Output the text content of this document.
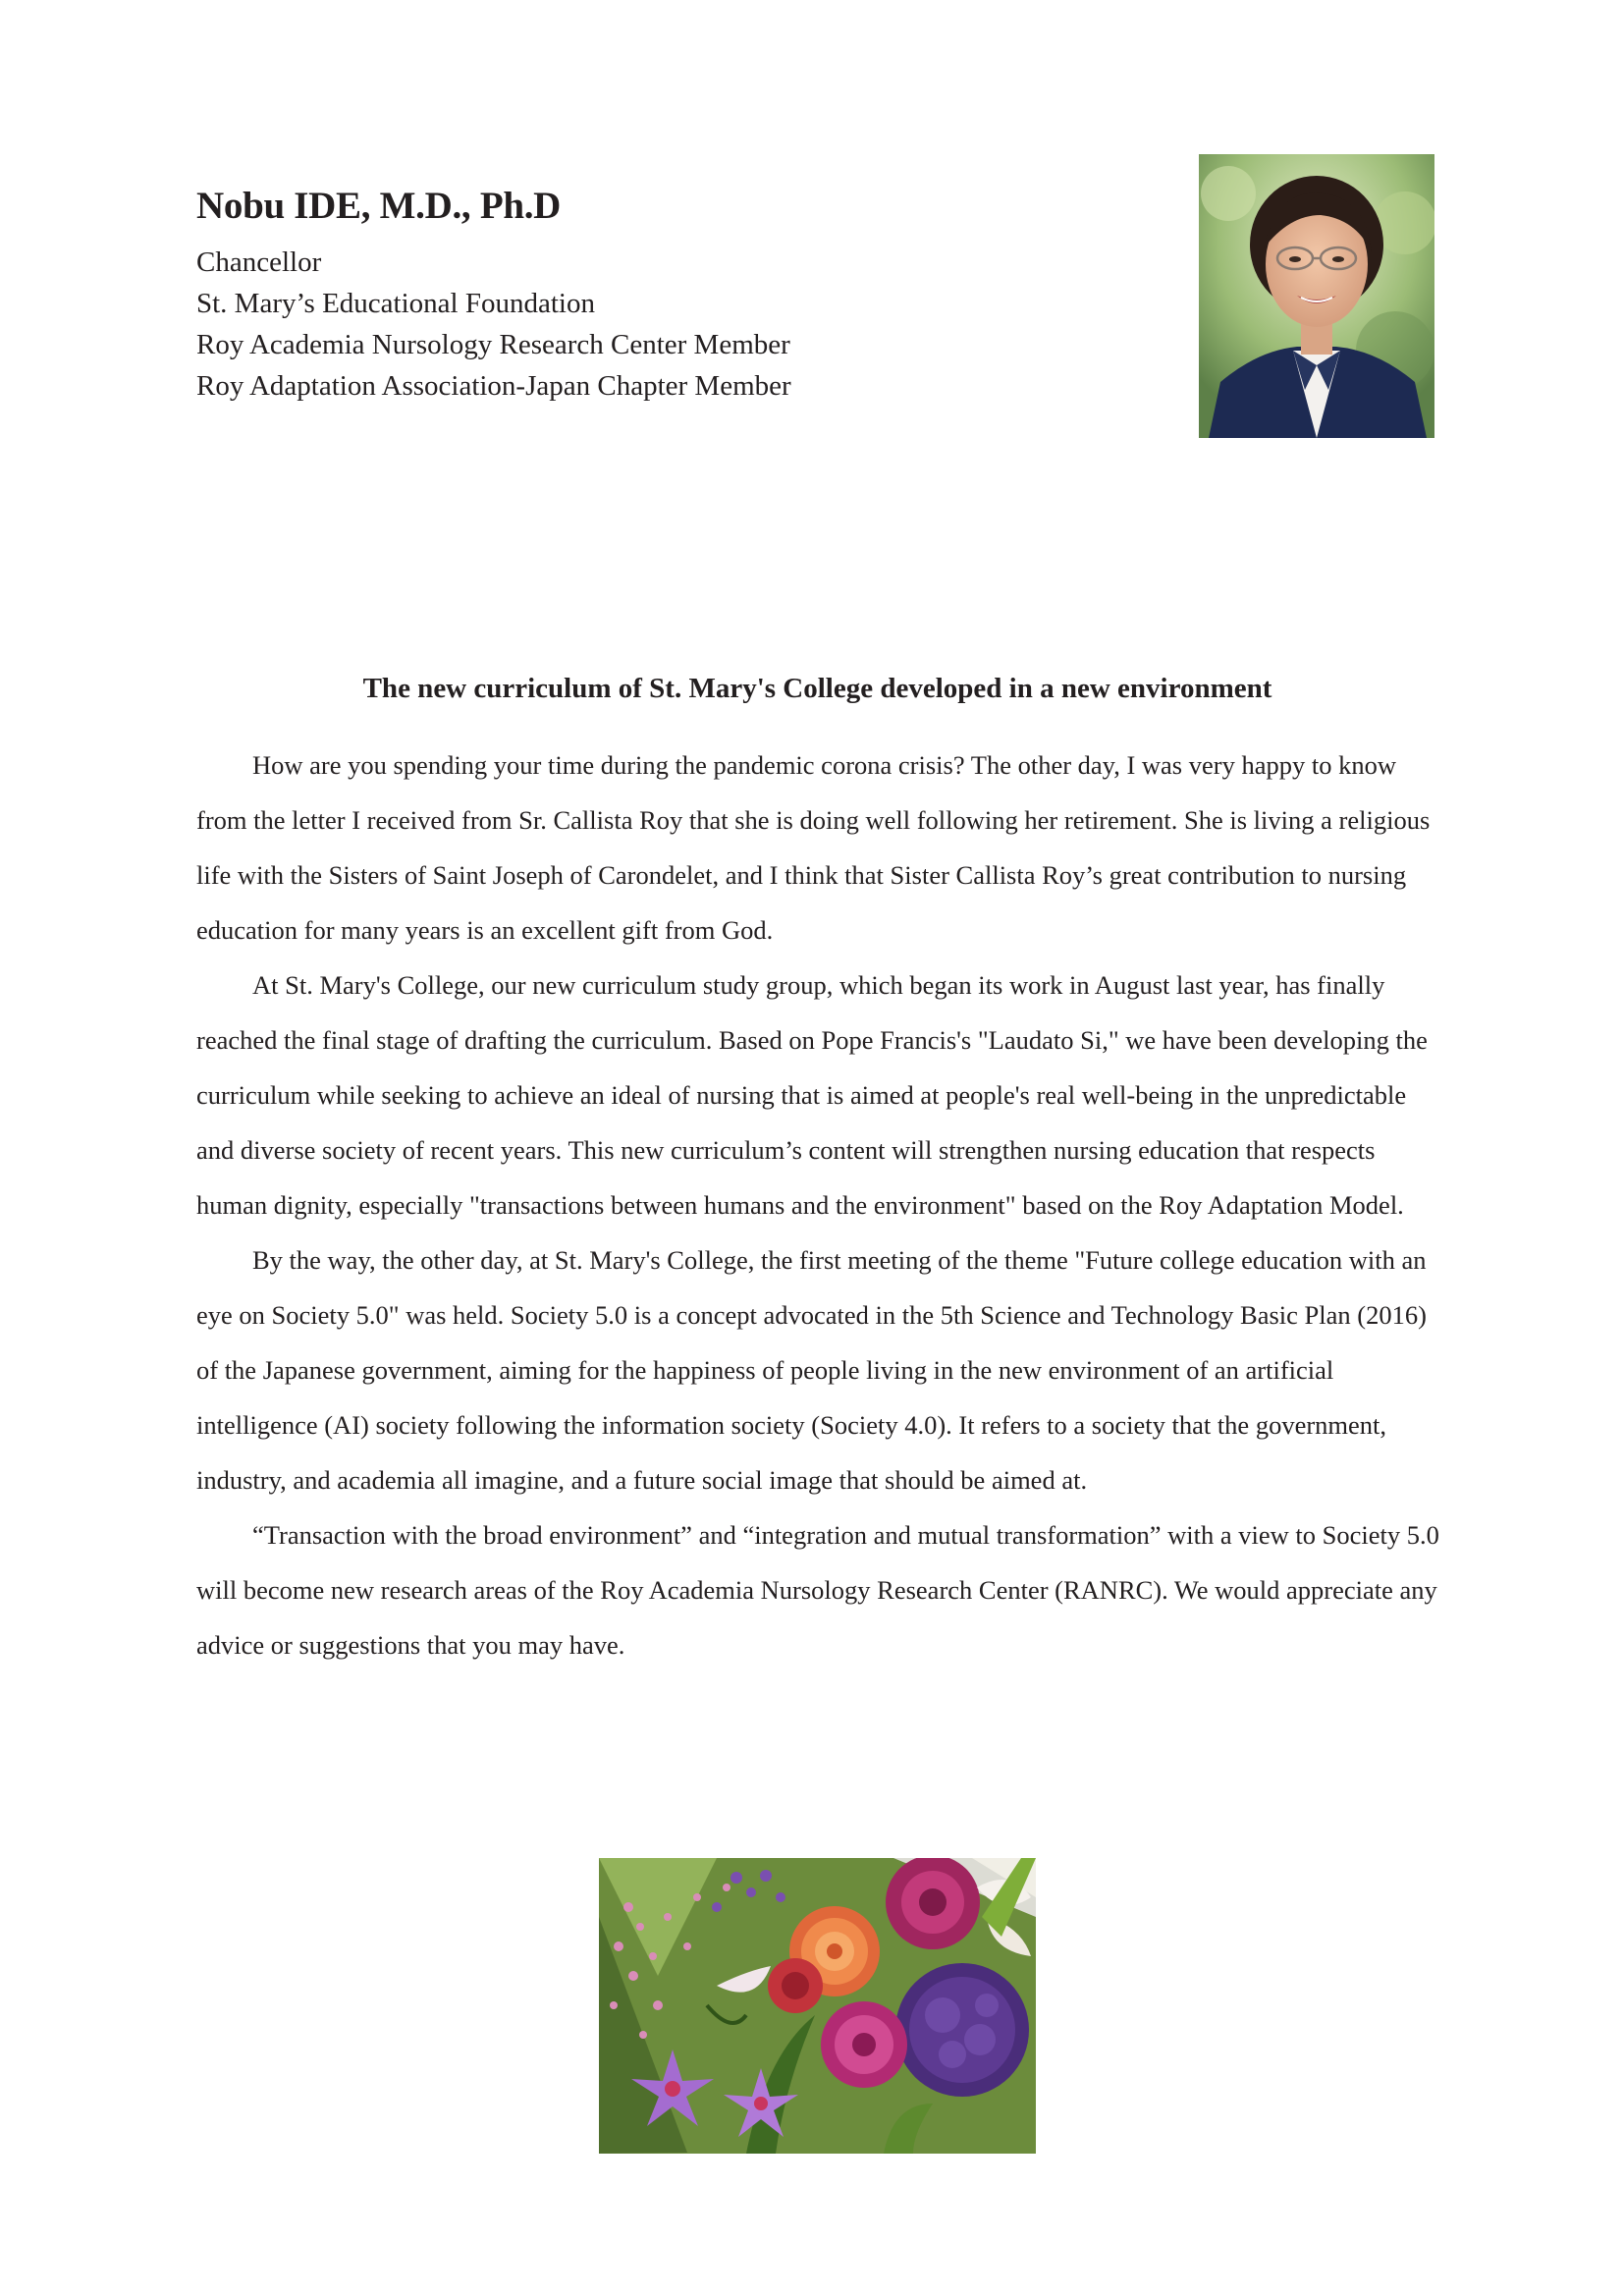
Nobu IDE, M.D., Ph.D
Chancellor
St. Mary’s Educational Foundation
Roy Academia Nursology Research Center Member
Roy Adaptation Association-Japan Chapter Member
The new curriculum of St. Mary's College developed in a new environment

How are you spending your time during the pandemic corona crisis? The other day, I was very happy to know from the letter I received from Sr. Callista Roy that she is doing well following her retirement. She is living a religious life with the Sisters of Saint Joseph of Carondelet, and I think that Sister Callista Roy’s great contribution to nursing education for many years is an excellent gift from God.

At St. Mary's College, our new curriculum study group, which began its work in August last year, has finally reached the final stage of drafting the curriculum. Based on Pope Francis's "Laudato Si," we have been developing the curriculum while seeking to achieve an ideal of nursing that is aimed at people's real well-being in the unpredictable and diverse society of recent years. This new curriculum’s content will strengthen nursing education that respects human dignity, especially "transactions between humans and the environment" based on the Roy Adaptation Model.

By the way, the other day, at St. Mary's College, the first meeting of the theme "Future college education with an eye on Society 5.0" was held. Society 5.0 is a concept advocated in the 5th Science and Technology Basic Plan (2016) of the Japanese government, aiming for the happiness of people living in the new environment of an artificial intelligence (AI) society following the information society (Society 4.0). It refers to a society that the government, industry, and academia all imagine, and a future social image that should be aimed at.

“Transaction with the broad environment” and “integration and mutual transformation” with a view to Society 5.0 will become new research areas of the Roy Academia Nursology Research Center (RANRC). We would appreciate any advice or suggestions that you may have.
